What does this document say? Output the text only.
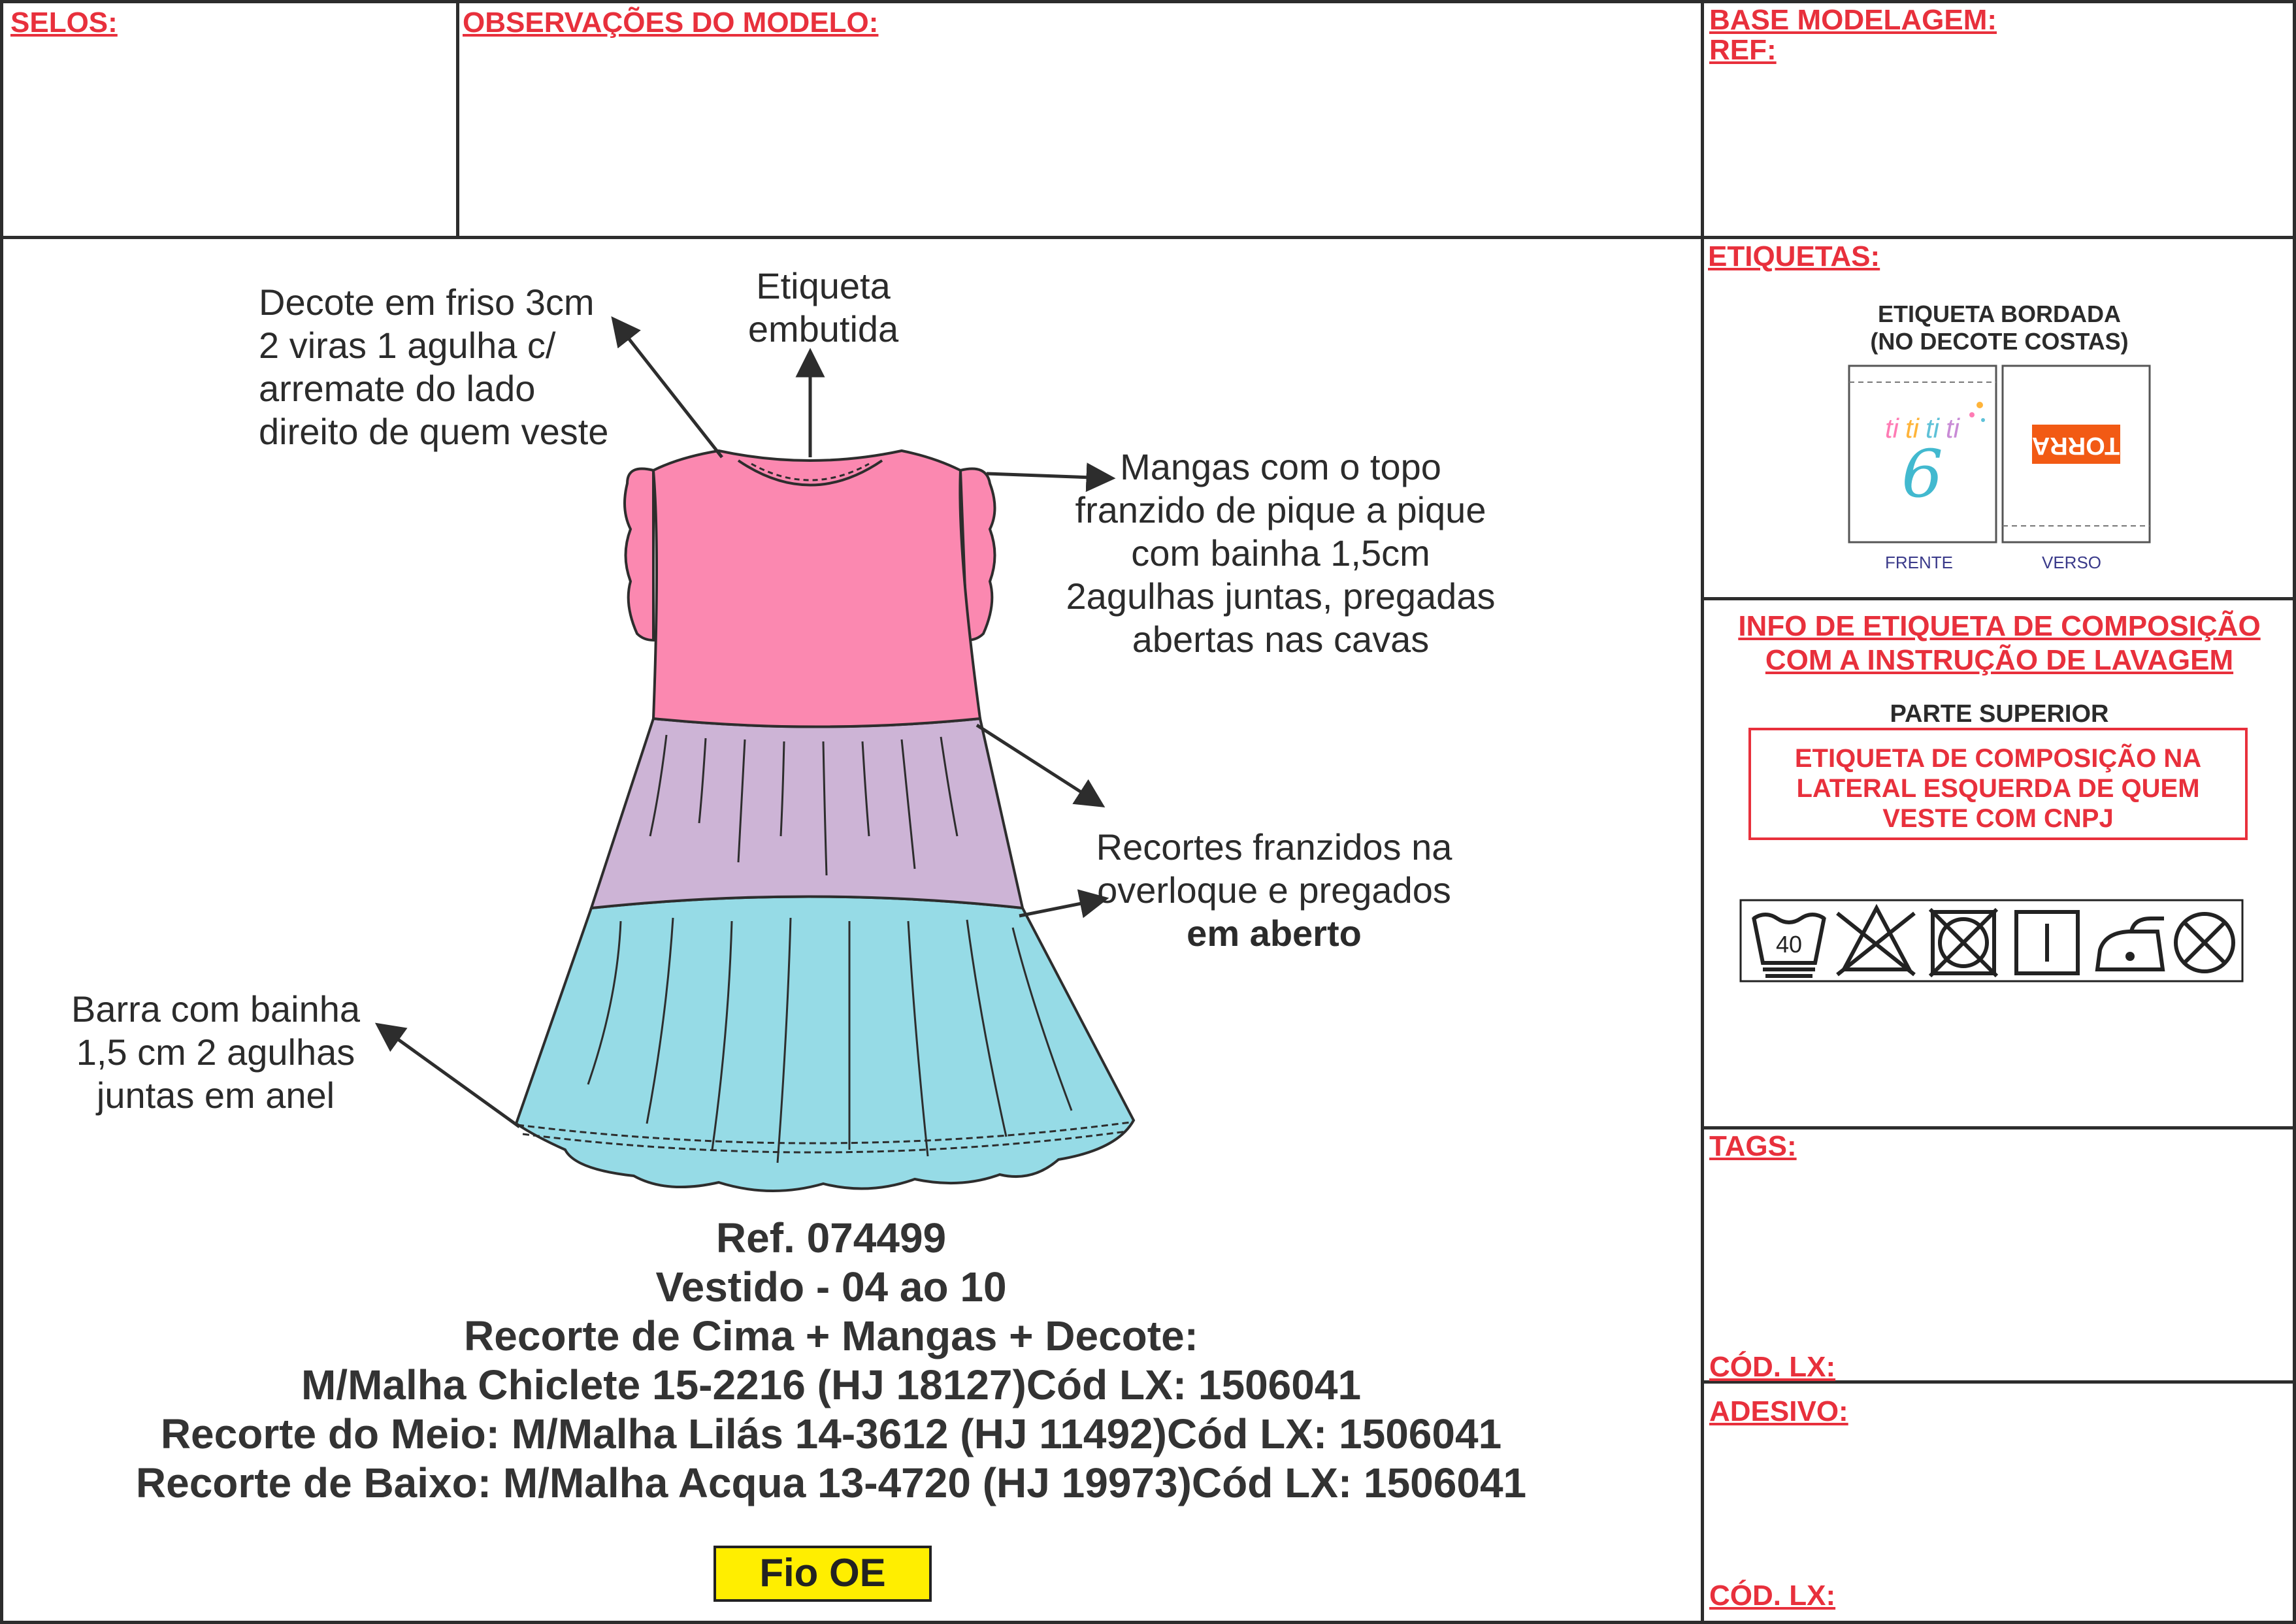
SELOS:	OBSERVAÇÕES DO MODELO:	BASE MODELAGEM:
REF:
ETIQUETAS:
INFO DE ETIQUETA DE COMPOSIÇÃO
COM A INSTRUÇÃO DE LAVAGEM
TAGS:
CÓD. LX:
ADESIVO:
CÓD. LX:
ETIQUETA BORDADA
(NO DECOTE COSTAS)
ti ti ti ti
6	TORRA
FRENTE	VERSO
PARTE SUPERIOR
ETIQUETA DE COMPOSIÇÃO NA
LATERAL ESQUERDA DE QUEM
VESTE COM CNPJ
40
Decote em friso 3cm
2 viras 1 agulha c/
arremate do lado
direito de quem veste
Etiqueta
embutida
Mangas com o topo
franzido de pique a pique
com bainha 1,5cm
2agulhas juntas, pregadas
abertas nas cavas
Recortes franzidos na
overloque e pregados
em aberto
Barra com bainha
1,5 cm 2 agulhas
juntas em anel
Ref. 074499
Vestido - 04 ao 10
Recorte de Cima + Mangas + Decote:
M/Malha Chiclete 15-2216 (HJ 18127)Cód LX: 1506041
Recorte do Meio: M/Malha Lilás 14-3612 (HJ 11492)Cód LX: 1506041
Recorte de Baixo: M/Malha Acqua 13-4720 (HJ 19973)Cód LX: 1506041
Fio OE
